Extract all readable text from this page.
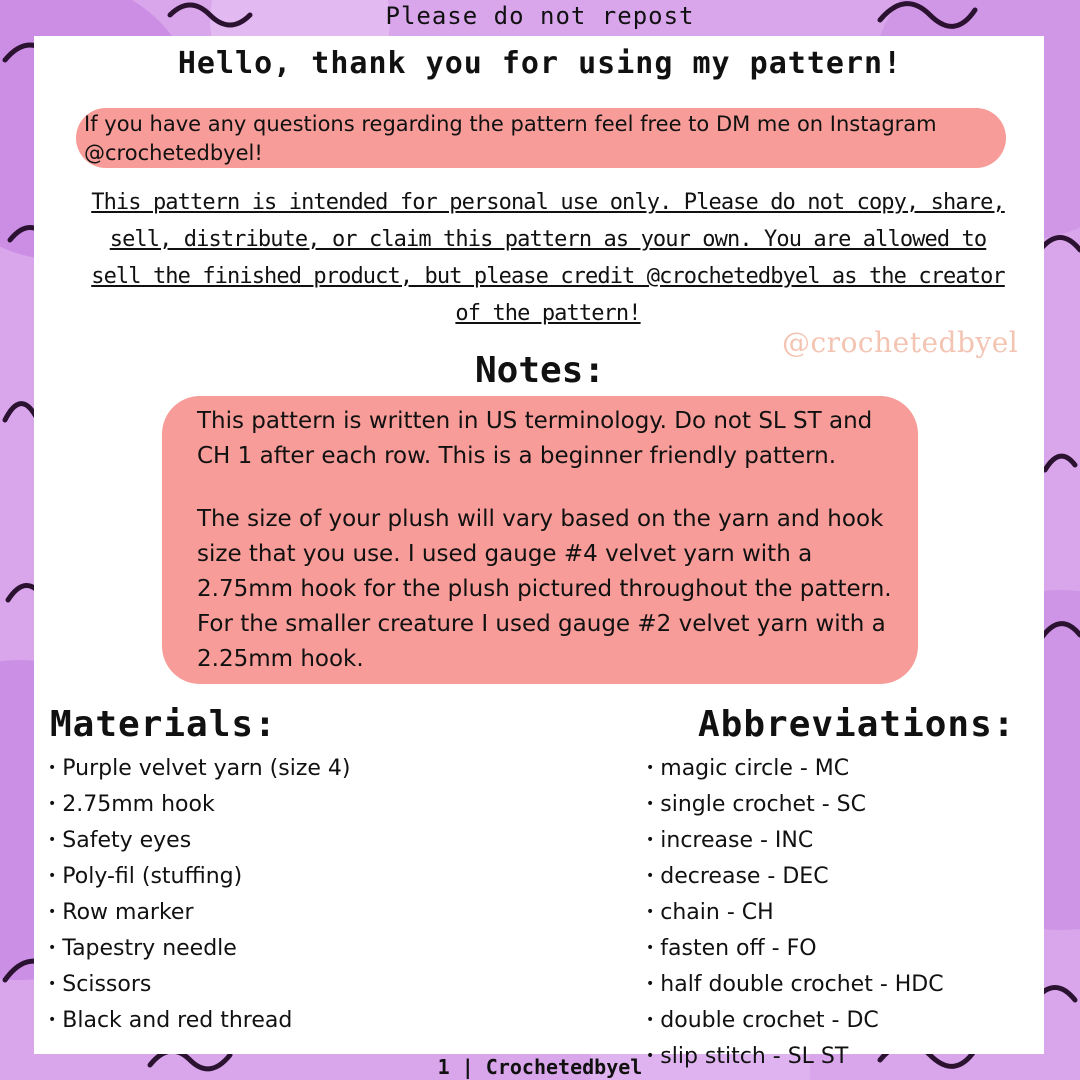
Please do not repost
Hello, thank you for using my pattern!
If you have any questions regarding the pattern feel free to DM me on Instagram @crochetedbyel!
This pattern is intended for personal use only. Please do not copy, share, sell, distribute, or claim this pattern as your own. You are allowed to sell the finished product, but please credit @crochetedbyel as the creator of the pattern!
@crochetedbyel
Notes:

This pattern is written in US terminology. Do not SL ST and CH 1 after each row. This is a beginner friendly pattern.

The size of your plush will vary based on the yarn and hook size that you use. I used gauge #4 velvet yarn with a 2.75mm hook for the plush pictured throughout the pattern. For the smaller creature I used gauge #2 velvet yarn with a 2.25mm hook.

Materials:
• Purple velvet yarn (size 4)
• 2.75mm hook
• Safety eyes
• Poly-fil (stuffing)
• Row marker
• Tapestry needle
• Scissors
• Black and red thread
Abbreviations:
• magic circle - MC
• single crochet - SC
• increase - INC
• decrease - DEC
• chain - CH
• fasten off - FO
• half double crochet - HDC
• double crochet - DC
• slip stitch - SL ST
1 | Crochetedbyel
